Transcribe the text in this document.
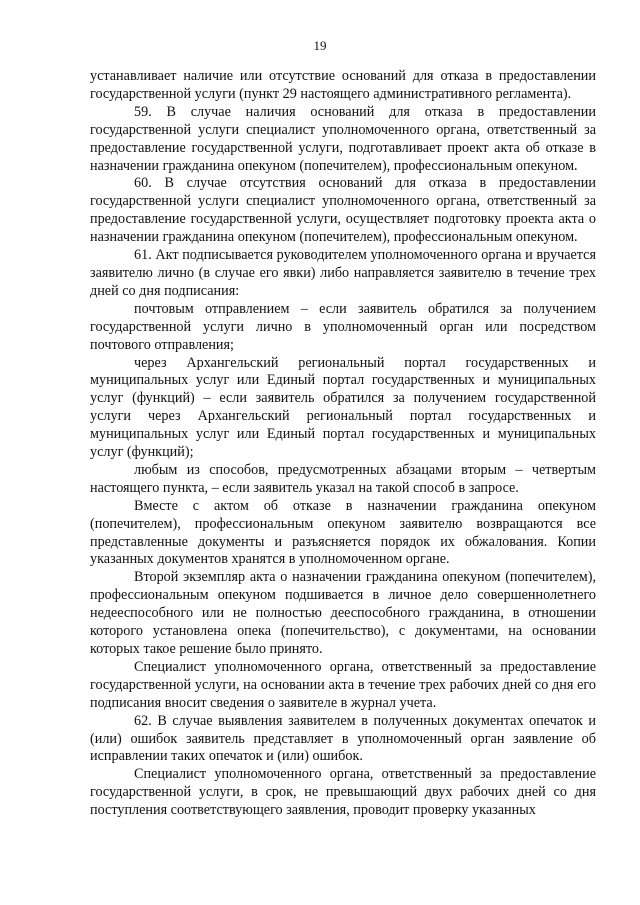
19

устанавливает наличие или отсутствие оснований для отказа в предоставлении государственной услуги (пункт 29 настоящего административного регламента).

59. В случае наличия оснований для отказа в предоставлении государственной услуги специалист уполномоченного органа, ответственный за предоставление государственной услуги, подготавливает проект акта об отказе в назначении гражданина опекуном (попечителем), профессиональным опекуном.

60. В случае отсутствия оснований для отказа в предоставлении государственной услуги специалист уполномоченного органа, ответственный за предоставление государственной услуги, осуществляет подготовку проекта акта о назначении гражданина опекуном (попечителем), профессиональным опекуном.

61. Акт подписывается руководителем уполномоченного органа и вручается заявителю лично (в случае его явки) либо направляется заявителю в течение трех дней со дня подписания:

почтовым отправлением – если заявитель обратился за получением государственной услуги лично в уполномоченный орган или посредством почтового отправления;

через Архангельский региональный портал государственных и муниципальных услуг или Единый портал государственных и муниципальных услуг (функций) – если заявитель обратился за получением государственной услуги через Архангельский региональный портал государственных и муниципальных услуг или Единый портал государственных и муниципальных услуг (функций);

любым из способов, предусмотренных абзацами вторым – четвертым настоящего пункта, – если заявитель указал на такой способ в запросе.

Вместе с актом об отказе в назначении гражданина опекуном (попечителем), профессиональным опекуном заявителю возвращаются все представленные документы и разъясняется порядок их обжалования. Копии указанных документов хранятся в уполномоченном органе.

Второй экземпляр акта о назначении гражданина опекуном (попечителем), профессиональным опекуном подшивается в личное дело совершеннолетнего недееспособного или не полностью дееспособного гражданина, в отношении которого установлена опека (попечительство), с документами, на основании которых такое решение было принято.

Специалист уполномоченного органа, ответственный за предоставление государственной услуги, на основании акта в течение трех рабочих дней со дня его подписания вносит сведения о заявителе в журнал учета.

62. В случае выявления заявителем в полученных документах опечаток и (или) ошибок заявитель представляет в уполномоченный орган заявление об исправлении таких опечаток и (или) ошибок.

Специалист уполномоченного органа, ответственный за предоставление государственной услуги, в срок, не превышающий двух рабочих дней со дня поступления соответствующего заявления, проводит проверку указанных
